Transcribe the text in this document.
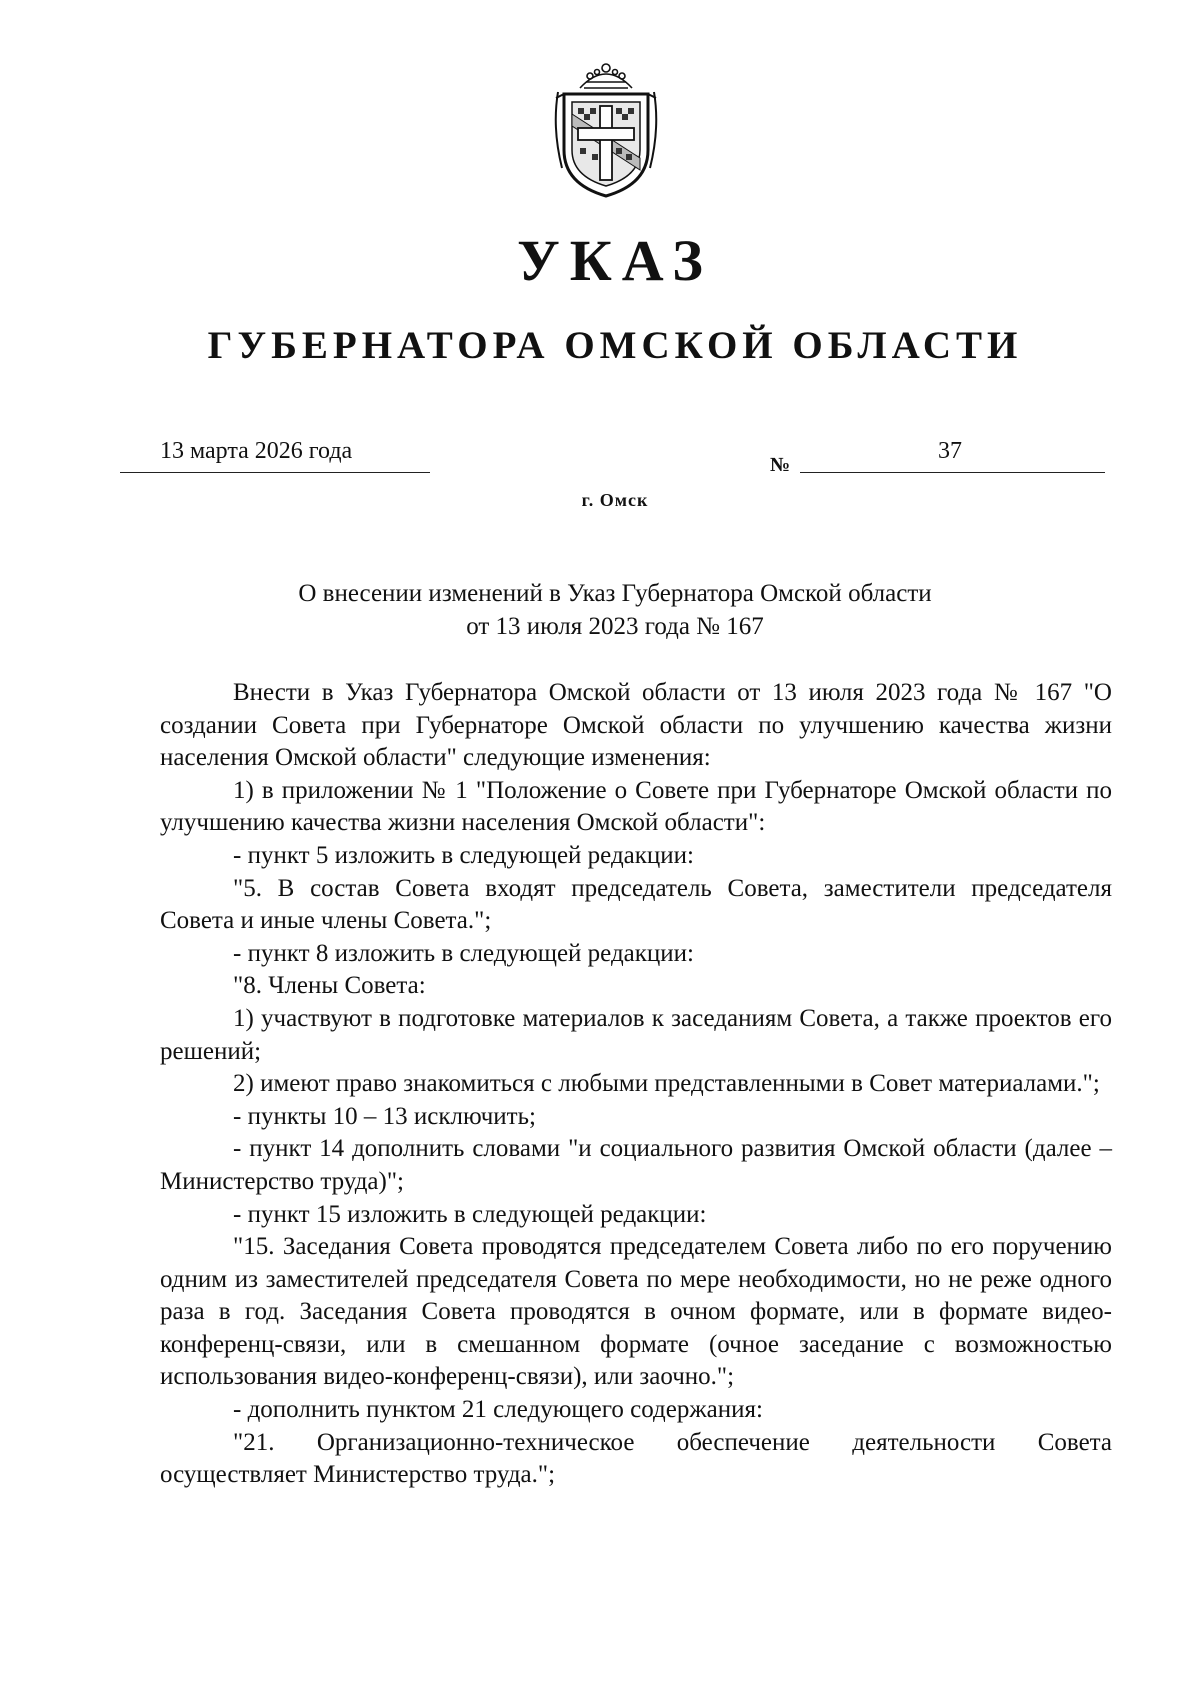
УКАЗ
ГУБЕРНАТОРА ОМСКОЙ ОБЛАСТИ
13 марта 2026 года
№
37
г. Омск
О внесении изменений в Указ Губернатора Омской области
от 13 июля 2023 года № 167

Внести в Указ Губернатора Омской области от 13 июля 2023 года № 167 "О создании Совета при Губернаторе Омской области по улучшению качества жизни населения Омской области" следующие изменения:

1) в приложении № 1 "Положение о Совете при Губернаторе Омской области по улучшению качества жизни населения Омской области":

- пункт 5 изложить в следующей редакции:

"5. В состав Совета входят председатель Совета, заместители председателя Совета и иные члены Совета.";

- пункт 8 изложить в следующей редакции:

"8. Члены Совета:

1) участвуют в подготовке материалов к заседаниям Совета, а также проектов его решений;

2) имеют право знакомиться с любыми представленными в Совет материалами.";

- пункты 10 – 13 исключить;

- пункт 14 дополнить словами "и социального развития Омской области (далее – Министерство труда)";

- пункт 15 изложить в следующей редакции:

"15. Заседания Совета проводятся председателем Совета либо по его поручению одним из заместителей председателя Совета по мере необходимости, но не реже одного раза в год. Заседания Совета проводятся в очном формате, или в формате видео-конференц-связи, или в смешанном формате (очное заседание с возможностью использования видео-конференц-связи), или заочно.";

- дополнить пунктом 21 следующего содержания:

"21. Организационно-техническое обеспечение деятельности Совета осуществляет Министерство труда.";
